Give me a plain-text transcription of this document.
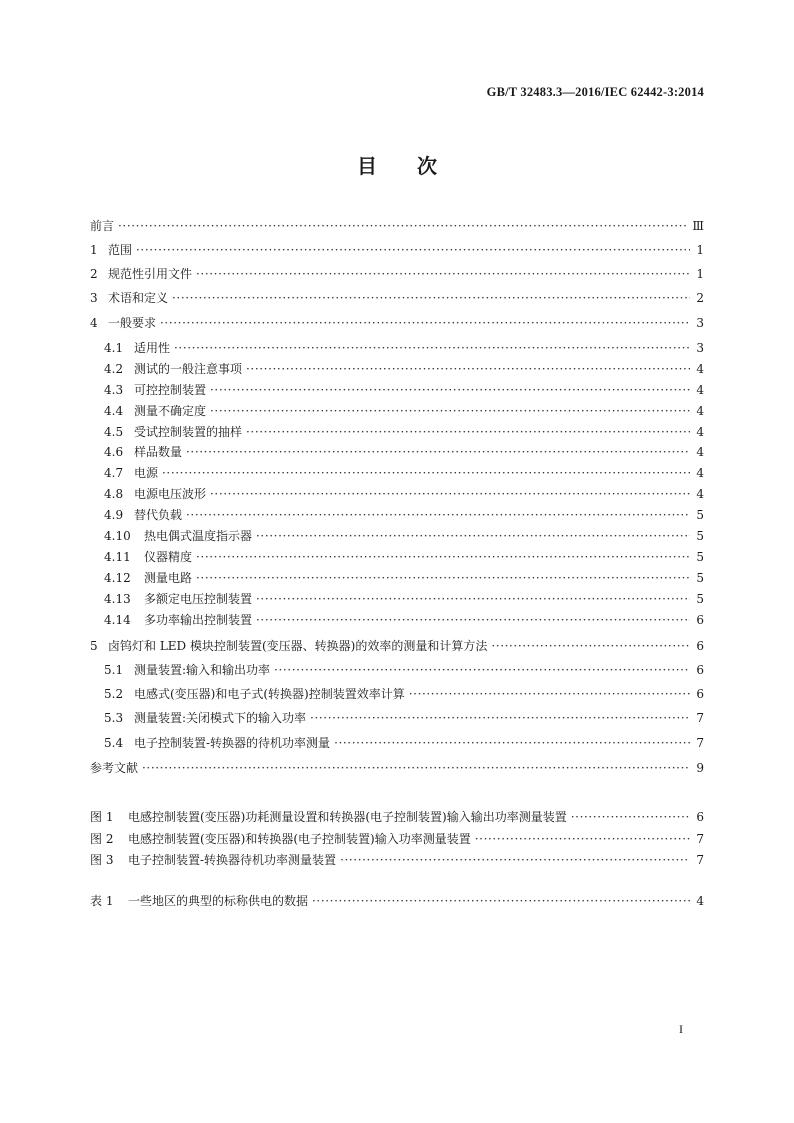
GB/T 32483.3—2016/IEC 62442-3:2014
目次
前言 ·····	Ⅲ
1 范围 ·····	1
2 规范性引用文件 ·····	1
3 术语和定义 ·····	2
4 一般要求 ·····	3
4.1 适用性 ·····	3
4.2 测试的一般注意事项 ·····	4
4.3 可控控制装置 ·····	4
4.4 测量不确定度 ·····	4
4.5 受试控制装置的抽样 ·····	4
4.6 样品数量 ·····	4
4.7 电源 ·····	4
4.8 电源电压波形 ·····	4
4.9 替代负载 ·····	5
4.10	热电偶式温度指示器 ·····	5
4.11	仪器精度 ·····	5
4.12	测量电路 ·····	5
4.13	多额定电压控制装置 ·····	5
4.14	多功率输出控制装置 ·····	6
5 卤钨灯和 LED 模块控制装置(变压器、转换器)的效率的测量和计算方法 ·····	6
5.1 测量装置:输入和输出功率 ·····	6
5.2 电感式(变压器)和电子式(转换器)控制装置效率计算 ·····	6
5.3 测量装置:关闭模式下的输入功率 ·····	7
5.4 电子控制装置-转换器的待机功率测量 ·····	7
参考文献 ·····	9
图 1	电感控制装置(变压器)功耗测量设置和转换器(电子控制装置)输入输出功率测量装置 ·····	6
图 2	电感控制装置(变压器)和转换器(电子控制装置)输入功率测量装置 ·····	7
图 3	电子控制装置-转换器待机功率测量装置 ·····	7
表 1	一些地区的典型的标称供电的数据 ·····	4
I
